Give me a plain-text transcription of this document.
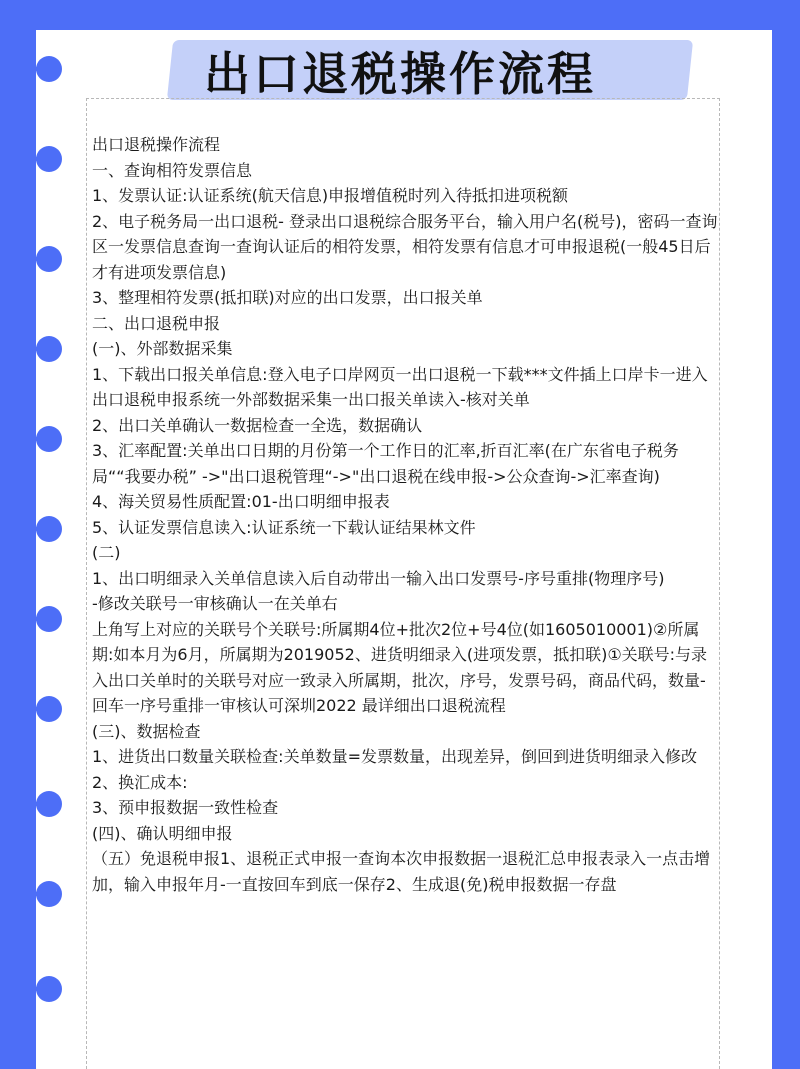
出口退税操作流程

出口退税操作流程

一、查询相符发票信息

1、发票认证:认证系统(航天信息)申报增值税时列入待抵扣进项税额

2、电子税务局一出口退税- 登录出口退税综合服务平台，输入用户名(税号)，密码一查询区一发票信息查询一查询认证后的相符发票，相符发票有信息才可申报退税(一般45日后才有进项发票信息)

3、整理相符发票(抵扣联)对应的出口发票，出口报关单

二、出口退税申报

(一)、外部数据采集

1、下载出口报关单信息:登入电子口岸网页一出口退税一下载***文件插上口岸卡一进入出口退税申报系统一外部数据采集一出口报关单读入-核对关单

2、出口关单确认一数据检查一全选，数据确认

3、汇率配置:关单出口日期的月份第一个工作日的汇率,折百汇率(在广东省电子税务局““我要办税” ->"出口退税管理“->"出口退税在线申报->公众查询->汇率查询)

4、海关贸易性质配置:01-出口明细申报表

5、认证发票信息读入:认证系统一下载认证结果林文件

(二)

1、出口明细录入关单信息读入后自动带出一输入出口发票号-序号重排(物理序号)

-修改关联号一审核确认一在关单右

上角写上对应的关联号个关联号:所属期4位+批次2位+号4位(如1605010001)②所属期:如本月为6月，所属期为2019052、进货明细录入(进项发票，抵扣联)①关联号:与录入出口关单时的关联号对应一致录入所属期，批次，序号，发票号码，商品代码，数量-回车一序号重排一审核认可深圳2022 最详细出口退税流程

(三)、数据检查

1、进货出口数量关联检查:关单数量=发票数量，出现差异，倒回到进货明细录入修改

2、换汇成本:

3、预申报数据一致性检查

(四)、确认明细申报

（五）免退税申报1、退税正式申报一查询本次申报数据一退税汇总申报表录入一点击增加，输入申报年月-一直按回车到底一保存2、生成退(免)税申报数据一存盘
